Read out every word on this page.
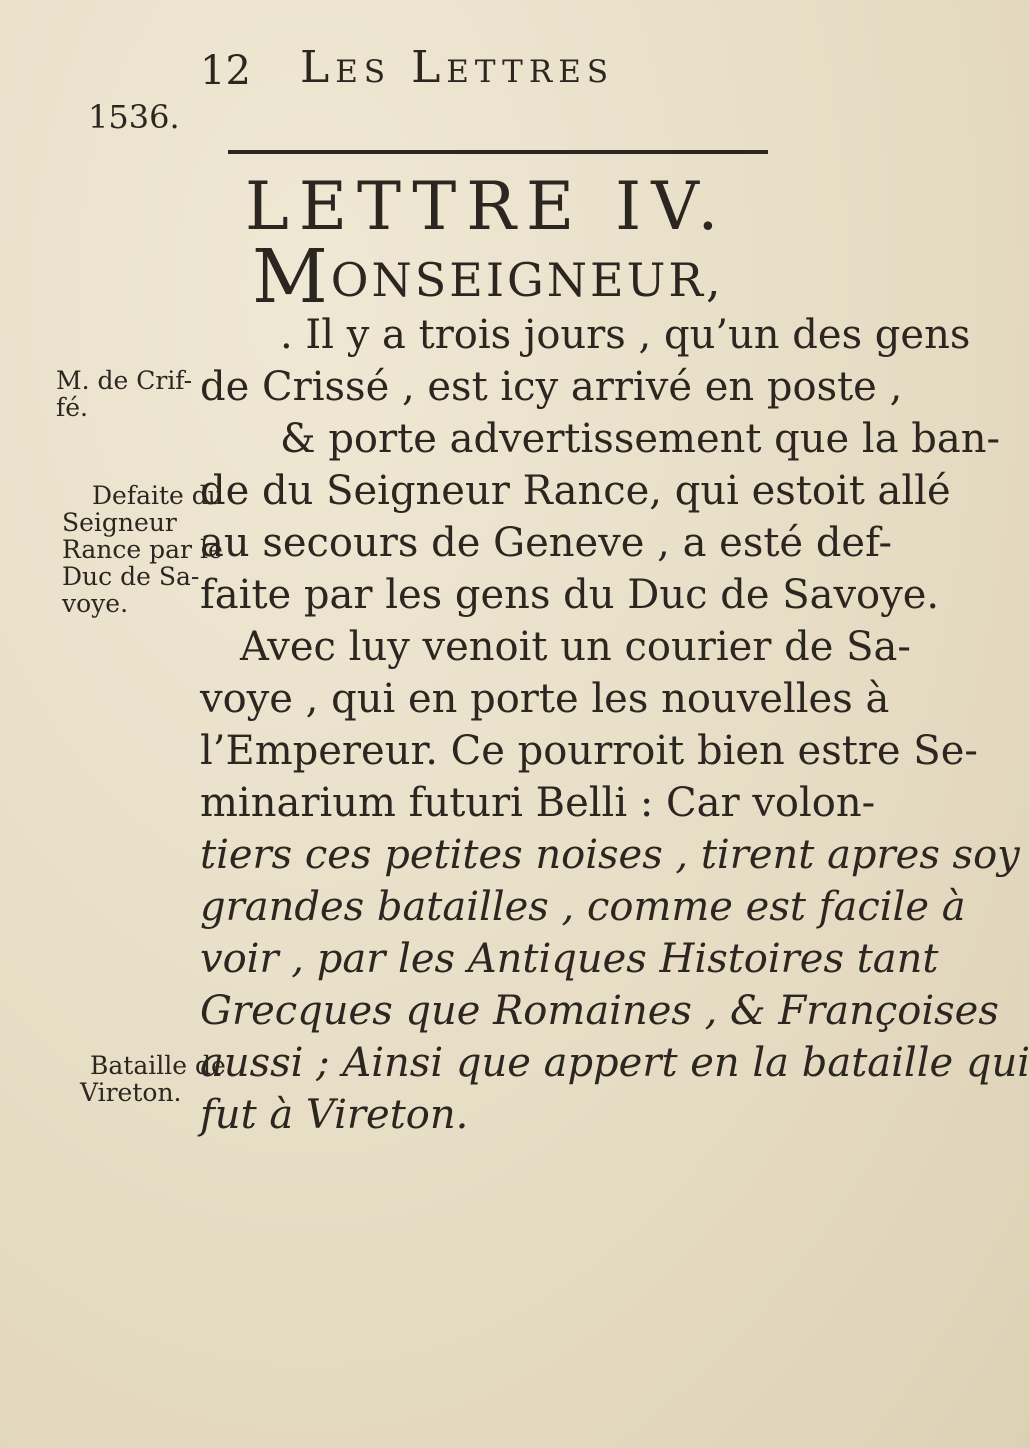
12 Les Lettres
1536.
LETTRE IV.
MONSEIGNEUR,
. Il y a trois jours , qu’un des gens
de Crissé , est icy arrivé en poste ,
& porte advertissement que la ban-
de du Seigneur Rance, qui estoit allé
au secours de Geneve , a esté def-
faite par les gens du Duc de Savoye.
Avec luy venoit un courier de Sa-
voye , qui en porte les nouvelles à
l’Empereur. Ce pourroit bien estre Se-
minarium futuri Belli : Car volon-
tiers ces petites noises , tirent apres soy
grandes batailles , comme est facile à
voir , par les Antiques Histoires tant
Grecques que Romaines , & Françoises
aussi ; Ainsi que appert en la bataille qui
fut à Vireton.
M. de Crif-
fé.
Defaite du
Seigneur
Rance par le
Duc de Sa-
voye.
Bataille de
Vireton.
